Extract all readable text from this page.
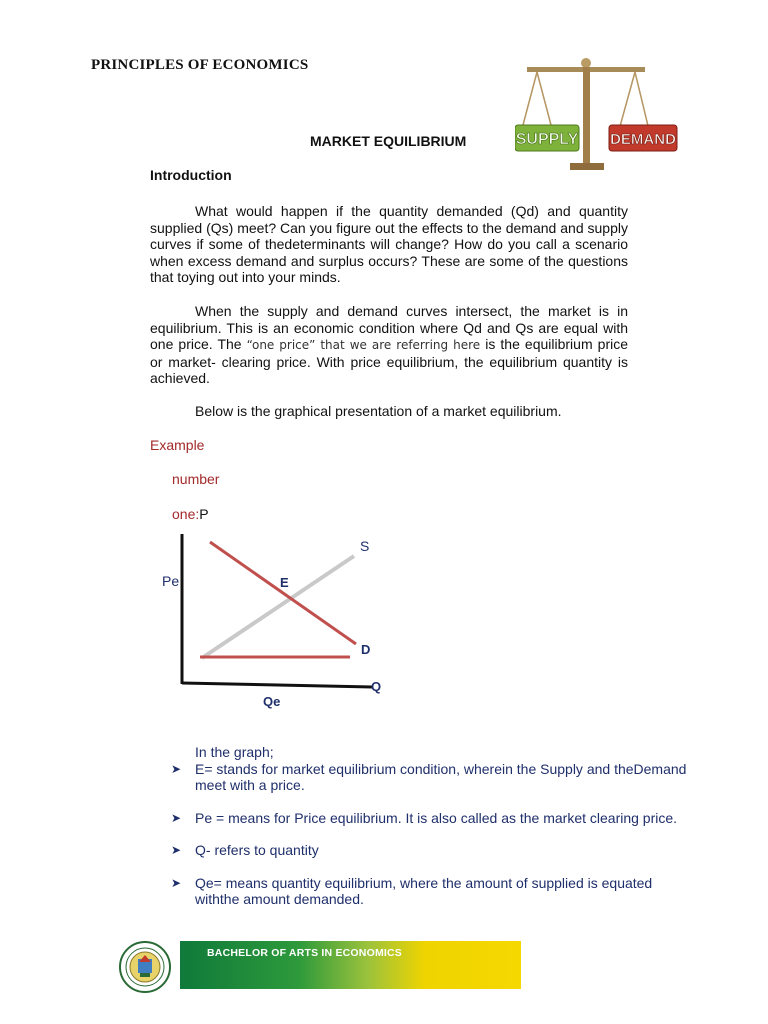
PRINCIPLES OF ECONOMICS
SUPPLY DEMAND
MARKET EQUILIBRIUM
Introduction
What would happen if the quantity demanded (Qd) and quantity supplied (Qs) meet? Can you figure out the effects to the demand and supply curves if some of thedeterminants will change? How do you call a scenario when excess demand and surplus occurs? These are some of the questions that toying out into your minds.
When the supply and demand curves intersect, the market is in equilibrium. This is an economic condition where Qd and Qs are equal with one price. The “one price” that we are referring here is the equilibrium price or market- clearing price. With price equilibrium, the equilibrium quantity is achieved.
Below is the graphical presentation of a market equilibrium.
Example
number
one:P
S
Pe	E
D
Q
Qe
In the graph;
➤ E= stands for market equilibrium condition, wherein the Supply and theDemand meet with a price.
➤ Pe = means for Price equilibrium. It is also called as the market clearing price.
➤ Q- refers to quantity
➤ Qe= means quantity equilibrium, where the amount of supplied is equated withthe amount demanded.
BACHELOR OF ARTS IN ECONOMICS
